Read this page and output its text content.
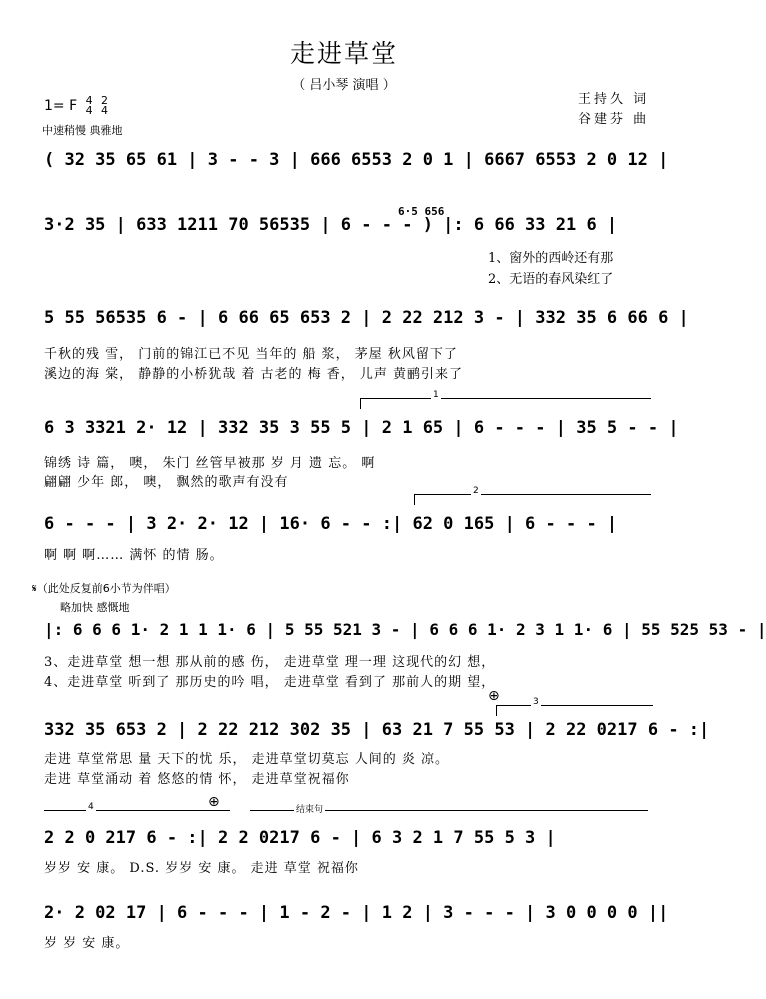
走进草堂
（ 吕小琴 演唱 ）
王持久 词
谷建芬 曲
1= F 4
4

2
4
中速稍慢 典雅地
( 32 35 65 61 | 3 - - 3 | 666 6553 2 0 1 | 6667 6553 2 0 12 |
6·5 656
3·2 35 | 633 1211 70 56535 | 6 - - - ) |: 6 66 33 21 6 |
1、窗外的西岭还有那
2、无语的春风染红了
5 55 56535 6 - | 6 66 65 653 2 | 2 22 212 3 - | 332 35 6 66 6 |
千秋的残 雪， 门前的锦江已不见 当年的 船 浆， 茅屋 秋风留下了
溪边的海 棠， 静静的小桥犹哉 着 古老的 梅 香， 儿声 黄鹂引来了
1
6 3 3321 2· 12 | 332 35 3 55 5 | 2 1 65 | 6 - - - | 35 5 - - |
锦绣 诗 篇， 噢， 朱门 丝管早被那 岁 月 遗 忘。 啊
翩翩 少年 郎， 噢， 飘然的歌声有没有
2
6 - - - | 3 2· 2· 12 | 16· 6 - - :| 62 0 165 | 6 - - - |
啊 啊 啊…… 满怀 的情 肠。
𝄋（此处反复前6小节为伴唱）
略加快 感慨地
|: 6 6 6 1· 2 1 1 1· 6 | 5 55 521 3 - | 6 6 6 1· 2 3 1 1· 6 | 55 525 53 - |
3、走进草堂 想一想 那从前的感 伤， 走进草堂 理一理 这现代的幻 想，
4、走进草堂 听到了 那历史的吟 唱， 走进草堂 看到了 那前人的期 望，
⊕	3
332 35 653 2 | 2 22 212 302 35 | 63 21 7 55 53 | 2 22 0217 6 - :|
走进 草堂常思 量 天下的忧 乐， 走进草堂切莫忘 人间的 炎 凉。
走进 草堂涌动 着 悠悠的情 怀， 走进草堂祝福你
4	⊕	结束句
2 2 0 217 6 - :| 2 2 0217 6 - | 6 3 2 1 7 55 5 3 |
岁岁 安 康。 D.S. 岁岁 安 康。 走进 草堂 祝福你
2· 2 02 17 | 6 - - - | 1 - 2 - | 1 2 | 3 - - - | 3 0 0 0 0 ||
岁 岁 安 康。
